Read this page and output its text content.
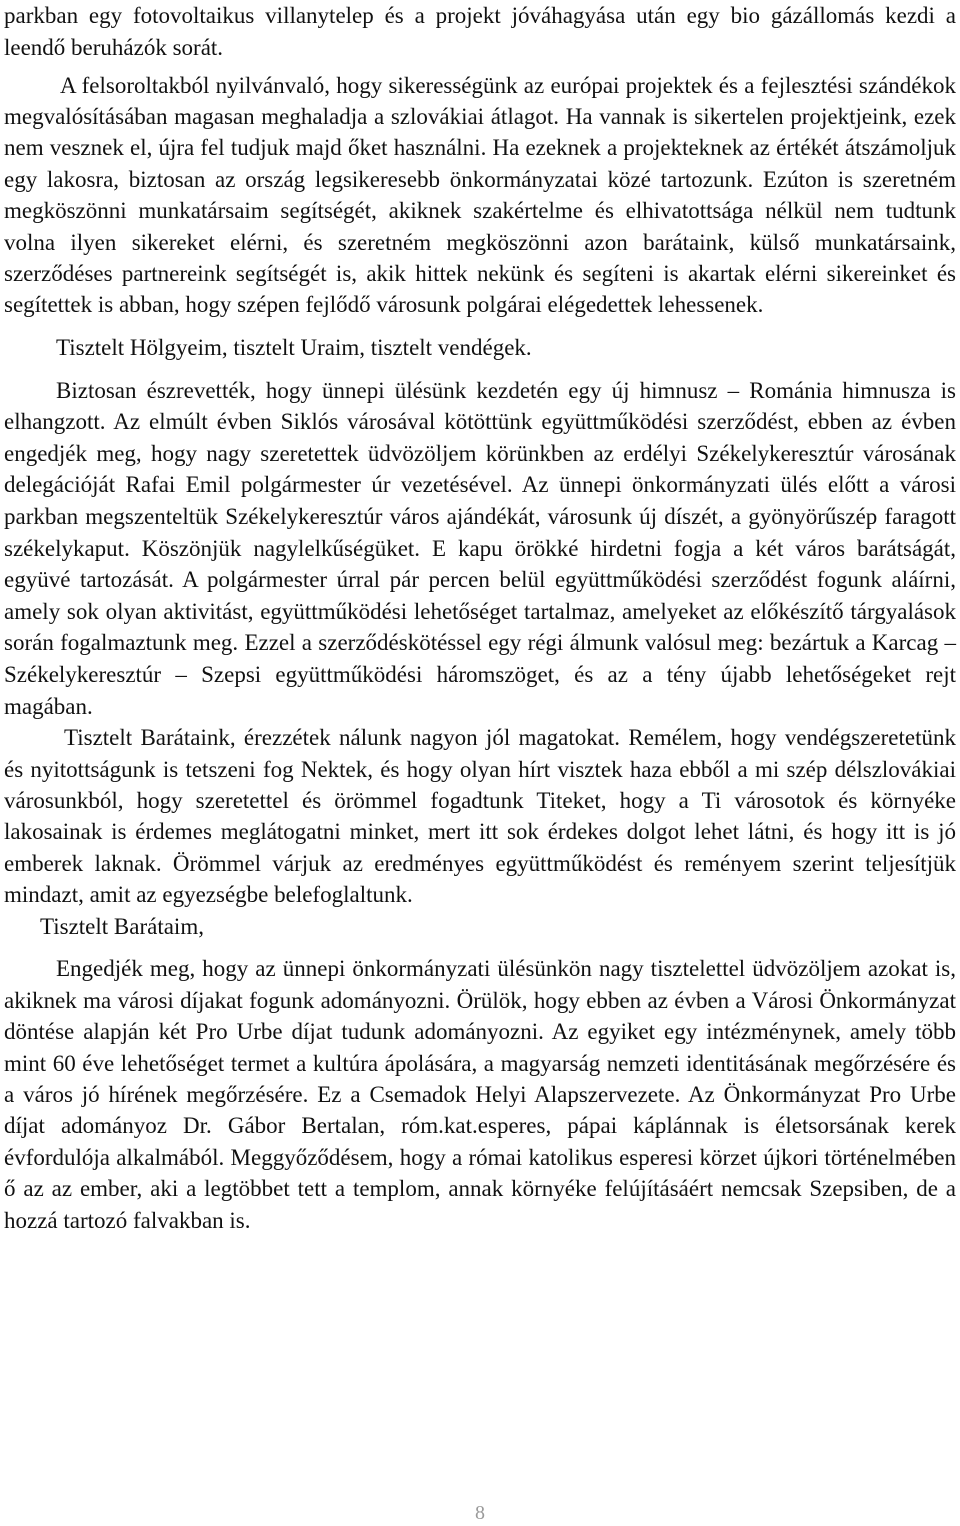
parkban egy fotovoltaikus villanytelep és a projekt jóváhagyása után egy bio gázállomás kezdi a leendő beruházók sorát.

A felsoroltakból nyilvánvaló, hogy sikerességünk az európai projektek és a fejlesztési szándékok megvalósításában magasan meghaladja a szlovákiai átlagot. Ha vannak is sikertelen projektjeink, ezek nem vesznek el, újra fel tudjuk majd őket használni. Ha ezeknek a projekteknek az értékét átszámoljuk egy lakosra, biztosan az ország legsikeresebb önkormányzatai közé tartozunk. Ezúton is szeretném megköszönni munkatársaim segítségét, akiknek szakértelme és elhivatottsága nélkül nem tudtunk volna ilyen sikereket elérni, és szeretném megköszönni azon barátaink, külső munkatársaink, szerződéses partnereink segítségét is, akik hittek nekünk és segíteni is akartak elérni sikereinket és segítettek is abban, hogy szépen fejlődő városunk polgárai elégedettek lehessenek.

Tisztelt Hölgyeim, tisztelt Uraim, tisztelt vendégek.

Biztosan észrevették, hogy ünnepi ülésünk kezdetén egy új himnusz – Románia himnusza is elhangzott. Az elmúlt évben Siklós városával kötöttünk együttműködési szerződést, ebben az évben engedjék meg, hogy nagy szeretettek üdvözöljem körünkben az erdélyi Székelykeresztúr városának delegációját Rafai Emil polgármester úr vezetésével. Az ünnepi önkormányzati ülés előtt a városi parkban megszenteltük Székelykeresztúr város ajándékát, városunk új díszét, a gyönyörűszép faragott székelykaput. Köszönjük nagylelkűségüket. E kapu örökké hirdetni fogja a két város barátságát, együvé tartozását. A polgármester úrral pár percen belül együttműködési szerződést fogunk aláírni, amely sok olyan aktivitást, együttműködési lehetőséget tartalmaz, amelyeket az előkészítő tárgyalások során fogalmaztunk meg. Ezzel a szerződéskötéssel egy régi álmunk valósul meg: bezártuk a Karcag – Székelykeresztúr – Szepsi együttműködési háromszöget, és az a tény újabb lehetőségeket rejt magában.

Tisztelt Barátaink, érezzétek nálunk nagyon jól magatokat. Remélem, hogy vendégszeretetünk és nyitottságunk is tetszeni fog Nektek, és hogy olyan hírt visztek haza ebből a mi szép délszlovákiai városunkból, hogy szeretettel és örömmel fogadtunk Titeket, hogy a Ti városotok és környéke lakosainak is érdemes meglátogatni minket, mert itt sok érdekes dolgot lehet látni, és hogy itt is jó emberek laknak. Örömmel várjuk az eredményes együttműködést és reményem szerint teljesítjük mindazt, amit az egyezségbe belefoglaltunk.

Tisztelt Barátaim,

Engedjék meg, hogy az ünnepi önkormányzati ülésünkön nagy tisztelettel üdvözöljem azokat is, akiknek ma városi díjakat fogunk adományozni. Örülök, hogy ebben az évben a Városi Önkormányzat döntése alapján két Pro Urbe díjat tudunk adományozni. Az egyiket egy intézménynek, amely több mint 60 éve lehetőséget termet a kultúra ápolására, a magyarság nemzeti identitásának megőrzésére és a város jó hírének megőrzésére. Ez a Csemadok Helyi Alapszervezete. Az Önkormányzat Pro Urbe díjat adományoz Dr. Gábor Bertalan, róm.kat.esperes, pápai káplánnak is életsorsának kerek évfordulója alkalmából. Meggyőződésem, hogy a római katolikus esperesi körzet újkori történelmében ő az az ember, aki a legtöbbet tett a templom, annak környéke felújításáért nemcsak Szepsiben, de a hozzá tartozó falvakban is.

8
